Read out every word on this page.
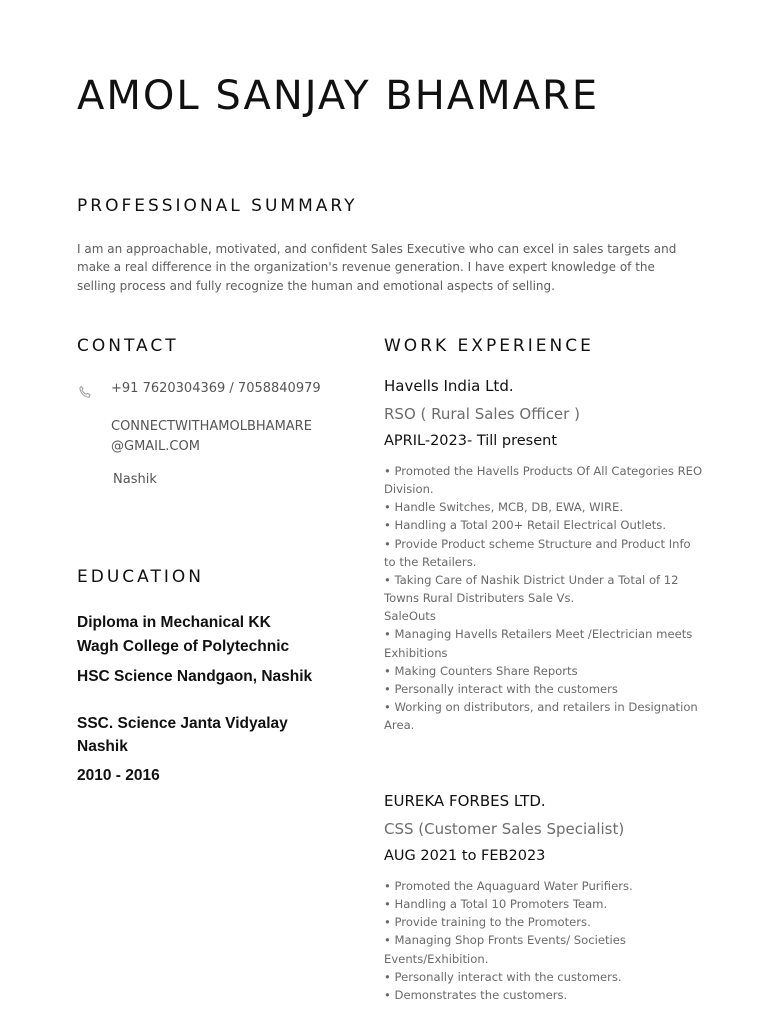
AMOL SANJAY BHAMARE
PROFESSIONAL SUMMARY

I am an approachable, motivated, and confident Sales Executive who can excel in sales targets and make a real difference in the organization's revenue generation. I have expert knowledge of the selling process and fully recognize the human and emotional aspects of selling.

CONTACT
+91 7620304369 / 7058840979
CONNECTWITHAMOLBHAMARE
@GMAIL.COM
Nashik
EDUCATION

Diploma in Mechanical KK

Wagh College of Polytechnic

HSC Science Nandgaon, Nashik

SSC. Science Janta Vidyalay

Nashik

2010 - 2016

WORK EXPERIENCE
Havells India Ltd.
RSO ( Rural Sales Officer )
APRIL-2023- Till present
• Promoted the Havells Products Of All Categories REO Division.
• Handle Switches, MCB, DB, EWA, WIRE.
• Handling a Total 200+ Retail Electrical Outlets.
• Provide Product scheme Structure and Product Info to the Retailers.
• Taking Care of Nashik District Under a Total of 12 Towns Rural Distributers Sale Vs.
SaleOuts
• Managing Havells Retailers Meet /Electrician meets Exhibitions
• Making Counters Share Reports
• Personally interact with the customers
• Working on distributors, and retailers in Designation Area.
EUREKA FORBES LTD.
CSS (Customer Sales Specialist)
AUG 2021 to FEB2023
• Promoted the Aquaguard Water Purifiers.
• Handling a Total 10 Promoters Team.
• Provide training to the Promoters.
• Managing Shop Fronts Events/ Societies Events/Exhibition.
• Personally interact with the customers.
• Demonstrates the customers.
